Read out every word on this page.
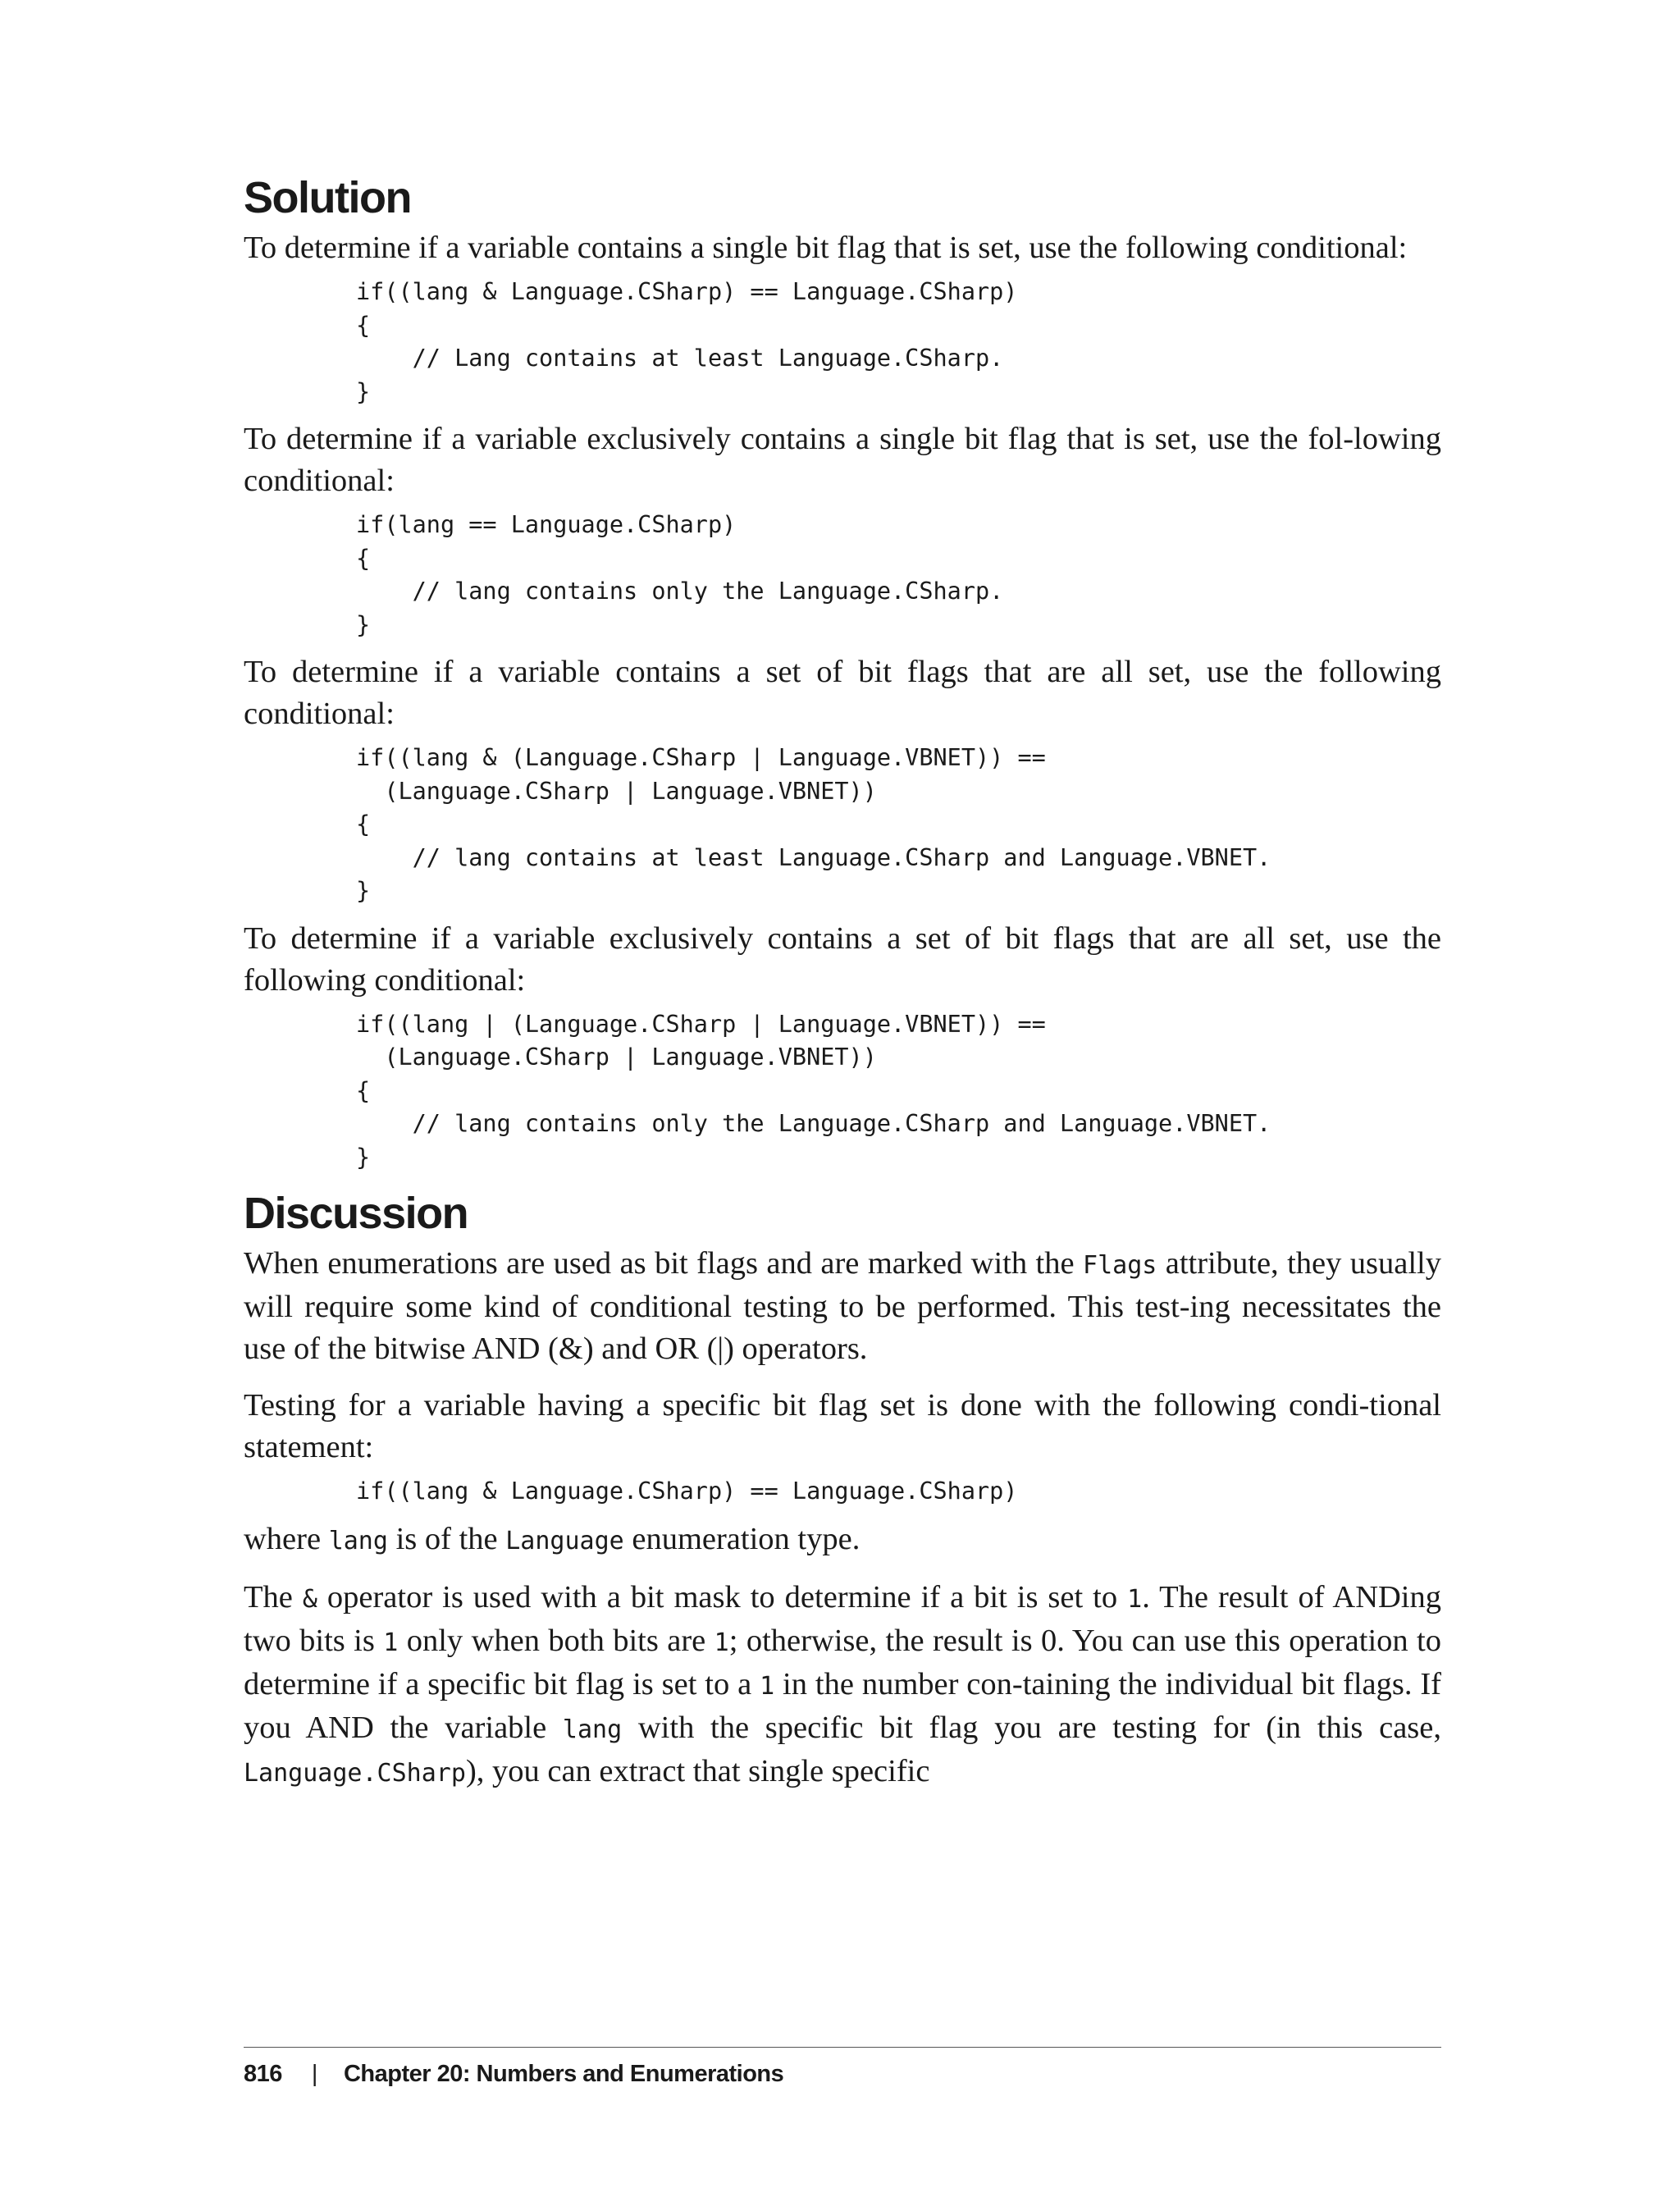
Solution

To determine if a variable contains a single bit flag that is set, use the following conditional:

if((lang & Language.CSharp) == Language.CSharp)
{
// Lang contains at least Language.CSharp.
}

To determine if a variable exclusively contains a single bit flag that is set, use the fol-lowing conditional:

if(lang == Language.CSharp)
{
// lang contains only the Language.CSharp.
}

To determine if a variable contains a set of bit flags that are all set, use the following conditional:

if((lang & (Language.CSharp | Language.VBNET)) ==
(Language.CSharp | Language.VBNET))
{
// lang contains at least Language.CSharp and Language.VBNET.
}

To determine if a variable exclusively contains a set of bit flags that are all set, use the following conditional:

if((lang | (Language.CSharp | Language.VBNET)) ==
(Language.CSharp | Language.VBNET))
{
// lang contains only the Language.CSharp and Language.VBNET.
}
Discussion

When enumerations are used as bit flags and are marked with the Flags attribute, they usually will require some kind of conditional testing to be performed. This test-ing necessitates the use of the bitwise AND (&) and OR (|) operators.

Testing for a variable having a specific bit flag set is done with the following condi-tional statement:

if((lang & Language.CSharp) == Language.CSharp)

where lang is of the Language enumeration type.

The & operator is used with a bit mask to determine if a bit is set to 1. The result of ANDing two bits is 1 only when both bits are 1; otherwise, the result is 0. You can use this operation to determine if a specific bit flag is set to a 1 in the number con-taining the individual bit flags. If you AND the variable lang with the specific bit flag you are testing for (in this case, Language.CSharp), you can extract that single specific

816 | Chapter 20: Numbers and Enumerations
